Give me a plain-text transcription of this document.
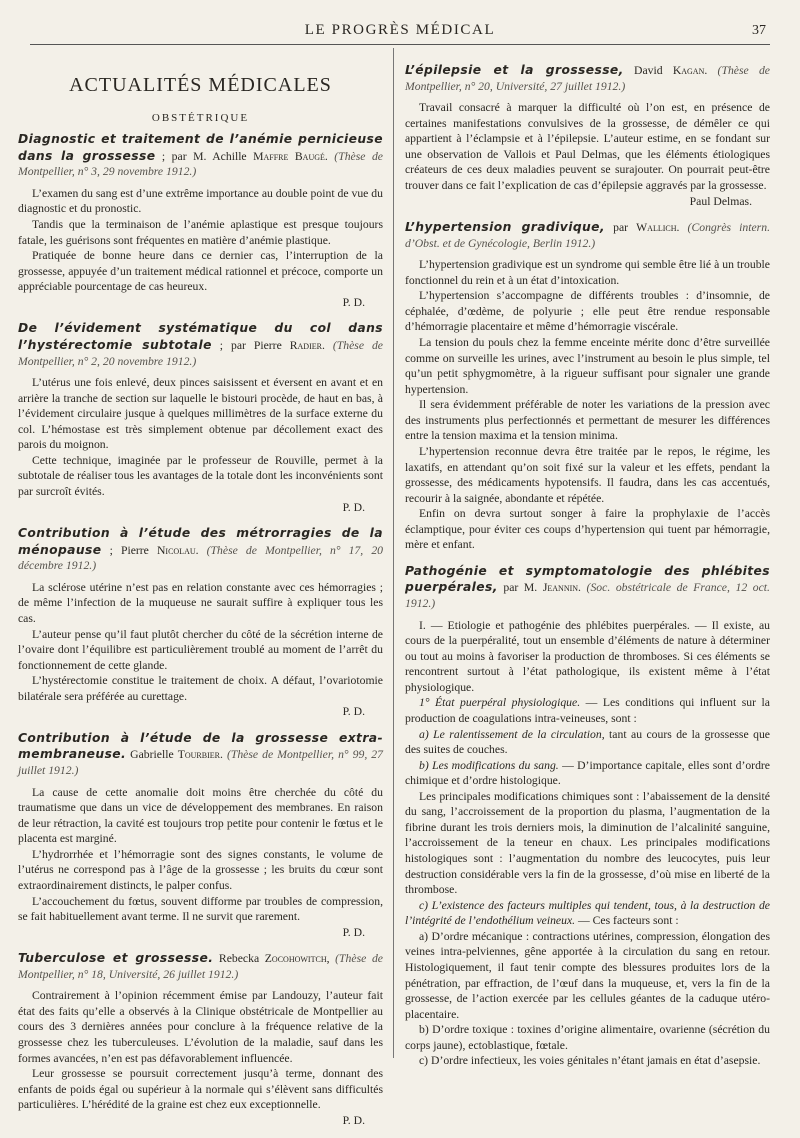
LE PROGRÈS MÉDICAL	37
ACTUALITÉS MÉDICALES
OBSTÉTRIQUE
Diagnostic et traitement de l’anémie pernicieuse dans la grossesse ; par M. Achille Maffre Baugé. (Thèse de Montpellier, n° 3, 29 novembre 1912.)

L’examen du sang est d’une extrême importance au double point de vue du diagnostic et du pronostic.

Tandis que la terminaison de l’anémie aplastique est presque toujours fatale, les guérisons sont fréquentes en matière d’anémie plastique.

Pratiquée de bonne heure dans ce dernier cas, l’interruption de la grossesse, appuyée d’un traitement médical rationnel et précoce, comporte un appréciable pourcentage de cas heureux.

P. D.
De l’évidement systématique du col dans l’hystérectomie subtotale ; par Pierre Radier. (Thèse de Montpellier, n° 2, 20 novembre 1912.)

L’utérus une fois enlevé, deux pinces saisissent et éversent en avant et en arrière la tranche de section sur laquelle le bistouri procède, de haut en bas, à l’évidement circulaire jusque à quelques millimètres de la surface externe du col. L’hémostase est très simplement obtenue par décollement exact des parois du moignon.

Cette technique, imaginée par le professeur de Rouville, permet à la subtotale de réaliser tous les avantages de la totale dont les inconvénients sont par surcroît évités.

P. D.
Contribution à l’étude des métrorragies de la ménopause ; Pierre Nicolau. (Thèse de Montpellier, n° 17, 20 décembre 1912.)

La sclérose utérine n’est pas en relation constante avec ces hémorragies ; de même l’infection de la muqueuse ne saurait suffire à expliquer tous les cas.

L’auteur pense qu’il faut plutôt chercher du côté de la sécrétion interne de l’ovaire dont l’équilibre est particulièrement troublé au moment de l’arrêt du fonctionnement de cette glande.

L’hystérectomie constitue le traitement de choix. A défaut, l’ovariotomie bilatérale sera préférée au curettage.

P. D.
Contribution à l’étude de la grossesse extra-membraneuse. Gabrielle Tourbier. (Thèse de Montpellier, n° 99, 27 juillet 1912.)

La cause de cette anomalie doit moins être cherchée du côté du traumatisme que dans un vice de développement des membranes. En raison de leur rétraction, la cavité est toujours trop petite pour contenir le fœtus et le placenta est marginé.

L’hydrorrhée et l’hémorragie sont des signes constants, le volume de l’utérus ne correspond pas à l’âge de la grossesse ; les bruits du cœur sont extraordinairement distincts, le palper confus.

L’accouchement du fœtus, souvent difforme par troubles de compression, se fait habituellement avant terme. Il ne survit que rarement.

P. D.
Tuberculose et grossesse. Rebecka Zocohowitch, (Thèse de Montpellier, n° 18, Université, 26 juillet 1912.)

Contrairement à l’opinion récemment émise par Landouzy, l’auteur fait état des faits qu’elle a observés à la Clinique obstétricale de Montpellier au cours des 3 dernières années pour conclure à la fréquence relative de la grossesse chez les tuberculeuses. L’évolution de la maladie, sauf dans les formes avancées, n’en est pas défavorablement influencée.

Leur grossesse se poursuit correctement jusqu’à terme, donnant des enfants de poids égal ou supérieur à la normale qui s’élèvent sans difficultés particulières. L’hérédité de la graine est chez eux exceptionnelle.

P. D.
L’épilepsie et la grossesse, David Kagan. (Thèse de Montpellier, n° 20, Université, 27 juillet 1912.)

Travail consacré à marquer la difficulté où l’on est, en présence de certaines manifestations convulsives de la grossesse, de démêler ce qui appartient à l’éclampsie et à l’épilepsie. L’auteur estime, en se fondant sur une observation de Vallois et Paul Delmas, que les éléments étiologiques créateurs de ces deux maladies peuvent se surajouter. On pourrait peut-être trouver dans ce fait l’explication de cas d’épilepsie aggravés par la grossesse.

Paul Delmas.
L’hypertension gradivique, par Wallich. (Congrès intern. d’Obst. et de Gynécologie, Berlin 1912.)

L’hypertension gradivique est un syndrome qui semble être lié à un trouble fonctionnel du rein et à un état d’intoxication.

L’hypertension s’accompagne de différents troubles : d’insomnie, de céphalée, d’œdème, de polyurie ; elle peut être rendue responsable d’hémorragie placentaire et même d’hémorragie viscérale.

La tension du pouls chez la femme enceinte mérite donc d’être surveillée comme on surveille les urines, avec l’instrument au besoin le plus simple, tel qu’un petit sphygmomètre, à la rigueur suffisant pour signaler une grande hypertension.

Il sera évidemment préférable de noter les variations de la pression avec des instruments plus perfectionnés et permettant de mesurer les différences entre la tension maxima et la tension minima.

L’hypertension reconnue devra être traitée par le repos, le régime, les laxatifs, en attendant qu’on soit fixé sur la valeur et les effets, pendant la grossesse, des médicaments hypotensifs. Il faudra, dans les cas accentués, recourir à la saignée, abondante et répétée.

Enfin on devra surtout songer à faire la prophylaxie de l’accès éclamptique, pour éviter ces coups d’hypertension qui tuent par hémorragie, mère et enfant.

Pathogénie et symptomatologie des phlébites puerpérales, par M. Jeannin. (Soc. obstétricale de France, 12 oct. 1912.)

I. — Etiologie et pathogénie des phlébites puerpérales. — Il existe, au cours de la puerpéralité, tout un ensemble d’éléments de nature à déterminer ou tout au moins à favoriser la production de thromboses. Si ces éléments se rencontrent surtout à l’état pathologique, ils existent même à l’état physiologique.

1° État puerpéral physiologique. — Les conditions qui influent sur la production de coagulations intra-veineuses, sont :

a) Le ralentissement de la circulation, tant au cours de la grossesse que des suites de couches.

b) Les modifications du sang. — D’importance capitale, elles sont d’ordre chimique et d’ordre histologique.

Les principales modifications chimiques sont : l’abaissement de la densité du sang, l’accroissement de la proportion du plasma, l’augmentation de la fibrine durant les trois derniers mois, la diminution de l’alcalinité sanguine, l’accroissement de la teneur en chaux. Les principales modifications histologiques sont : l’augmentation du nombre des leucocytes, puis leur destruction considérable vers la fin de la grossesse, d’où mise en liberté de la thrombose.

c) L’existence des facteurs multiples qui tendent, tous, à la destruction de l’intégrité de l’endothélium veineux. — Ces facteurs sont :

a) D’ordre mécanique : contractions utérines, compression, élongation des veines intra-pelviennes, gêne apportée à la circulation du sang en retour. Histologiquement, il faut tenir compte des blessures produites lors de la pénétration, par effraction, de l’œuf dans la muqueuse, et, vers la fin de la grossesse, de l’action exercée par les cellules géantes de la caduque utéro-placentaire.

b) D’ordre toxique : toxines d’origine alimentaire, ovarienne (sécrétion du corps jaune), ectoblastique, fœtale.

c) D’ordre infectieux, les voies génitales n’étant jamais en état d’asepsie.
